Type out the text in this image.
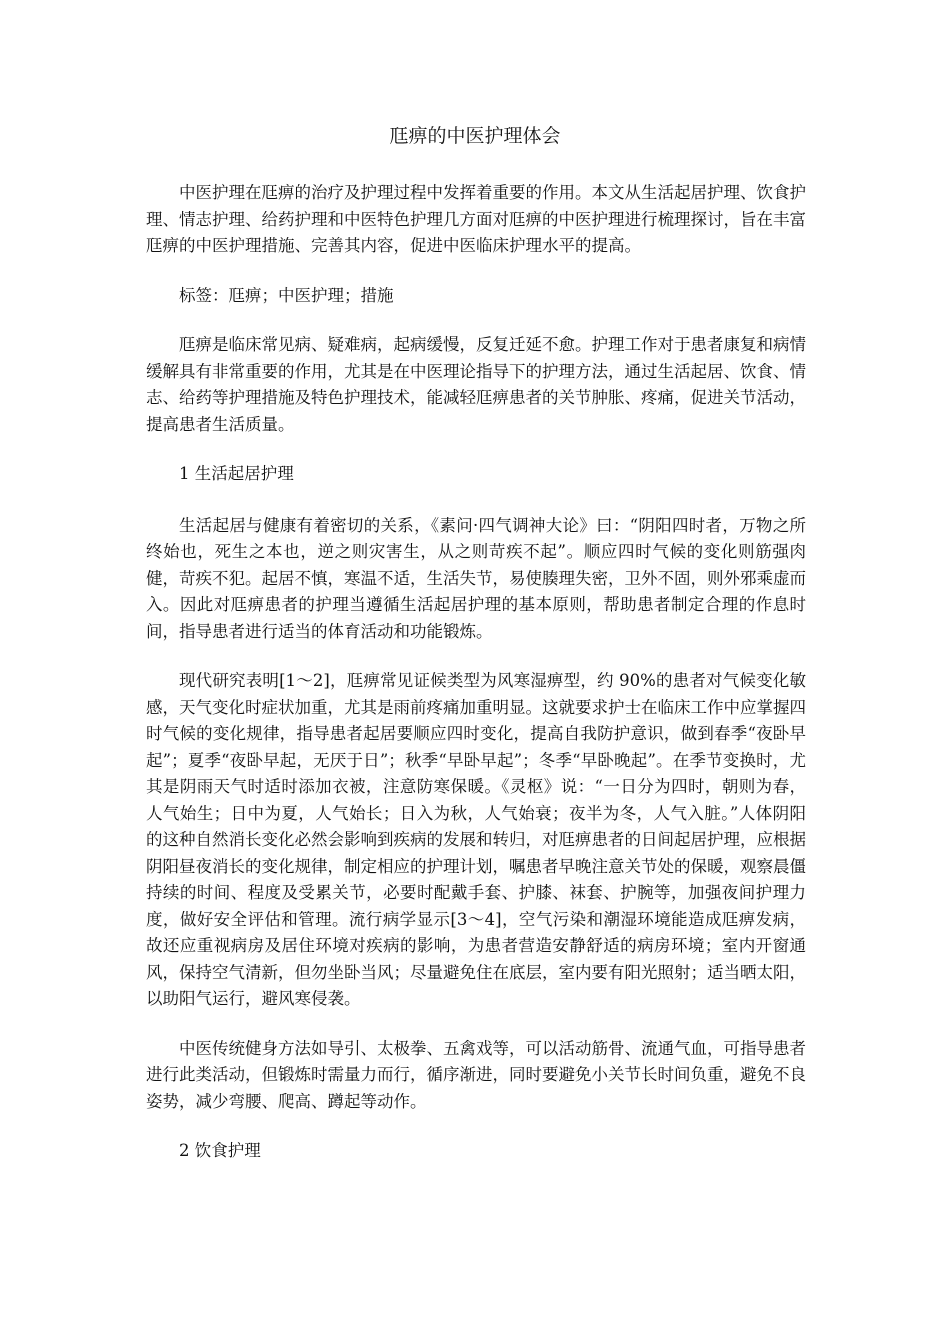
尫痹的中医护理体会

中医护理在尫痹的治疗及护理过程中发挥着重要的作用。本文从生活起居护理、饮食护理、情志护理、给药护理和中医特色护理几方面对尫痹的中医护理进行梳理探讨，旨在丰富尫痹的中医护理措施、完善其内容，促进中医临床护理水平的提高。

标签：尫痹；中医护理；措施

尫痹是临床常见病、疑难病，起病缓慢，反复迁延不愈。护理工作对于患者康复和病情缓解具有非常重要的作用，尤其是在中医理论指导下的护理方法，通过生活起居、饮食、情志、给药等护理措施及特色护理技术，能减轻尫痹患者的关节肿胀、疼痛，促进关节活动，提高患者生活质量。

1 生活起居护理

生活起居与健康有着密切的关系，《素问·四气调神大论》曰：“阴阳四时者，万物之所终始也，死生之本也，逆之则灾害生，从之则苛疾不起”。顺应四时气候的变化则筋强肉健，苛疾不犯。起居不慎，寒温不适，生活失节，易使腠理失密，卫外不固，则外邪乘虚而入。因此对尫痹患者的护理当遵循生活起居护理的基本原则，帮助患者制定合理的作息时间，指导患者进行适当的体育活动和功能锻炼。

现代研究表明[1～2]，尫痹常见证候类型为风寒湿痹型，约 90%的患者对气候变化敏感，天气变化时症状加重，尤其是雨前疼痛加重明显。这就要求护士在临床工作中应掌握四时气候的变化规律，指导患者起居要顺应四时变化，提高自我防护意识，做到春季“夜卧早起”；夏季“夜卧早起，无厌于日”；秋季“早卧早起”；冬季“早卧晚起”。在季节变换时，尤其是阴雨天气时适时添加衣被，注意防寒保暖。《灵枢》说：“一日分为四时，朝则为春，人气始生；日中为夏，人气始长；日入为秋，人气始衰；夜半为冬，人气入脏。”人体阴阳的这种自然消长变化必然会影响到疾病的发展和转归，对尫痹患者的日间起居护理，应根据阴阳昼夜消长的变化规律，制定相应的护理计划，嘱患者早晚注意关节处的保暖，观察晨僵持续的时间、程度及受累关节，必要时配戴手套、护膝、袜套、护腕等，加强夜间护理力度，做好安全评估和管理。流行病学显示[3～4]，空气污染和潮湿环境能造成尫痹发病，故还应重视病房及居住环境对疾病的影响，为患者营造安静舒适的病房环境；室内开窗通风，保持空气清新，但勿坐卧当风；尽量避免住在底层，室内要有阳光照射；适当晒太阳，以助阳气运行，避风寒侵袭。

中医传统健身方法如导引、太极拳、五禽戏等，可以活动筋骨、流通气血，可指导患者进行此类活动，但锻炼时需量力而行，循序渐进，同时要避免小关节长时间负重，避免不良姿势，减少弯腰、爬高、蹲起等动作。

2 饮食护理
